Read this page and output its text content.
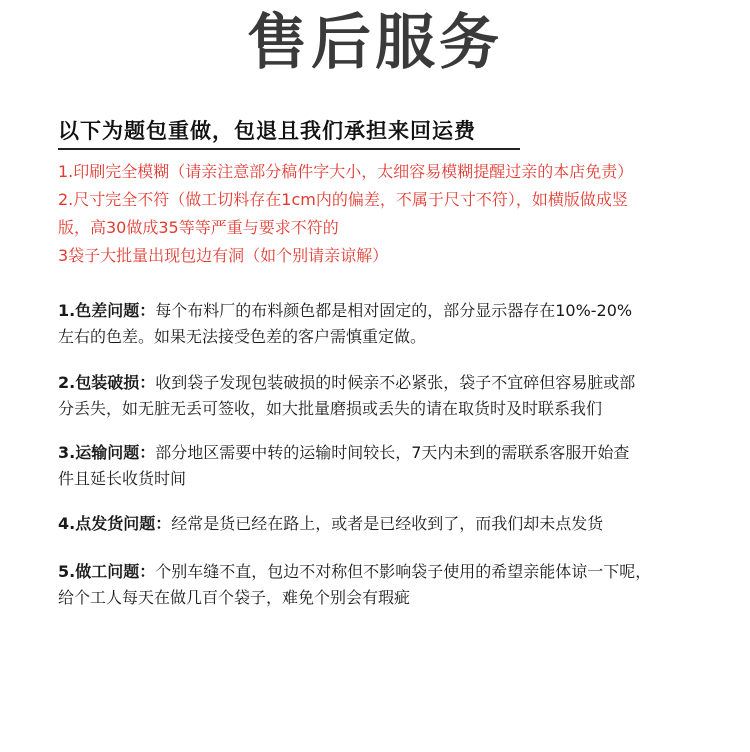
售后服务
以下为题包重做，包退且我们承担来回运费
1.印刷完全模糊（请亲注意部分稿件字大小，太细容易模糊提醒过亲的本店免责）
2.尺寸完全不符（做工切料存在1cm内的偏差，不属于尺寸不符），如横版做成竖
版，高30做成35等等严重与要求不符的
3袋子大批量出现包边有洞（如个别请亲谅解）
1.色差问题：每个布料厂的布料颜色都是相对固定的，部分显示器存在10%-20%
左右的色差。如果无法接受色差的客户需慎重定做。
2.包装破损：收到袋子发现包装破损的时候亲不必紧张，袋子不宜碎但容易脏或部
分丢失，如无脏无丢可签收，如大批量磨损或丢失的请在取货时及时联系我们
3.运输问题：部分地区需要中转的运输时间较长，7天内未到的需联系客服开始查
件且延长收货时间
4.点发货问题：经常是货已经在路上，或者是已经收到了，而我们却未点发货
5.做工问题：个别车缝不直，包边不对称但不影响袋子使用的希望亲能体谅一下呢，
给个工人每天在做几百个袋子，难免个别会有瑕疵
